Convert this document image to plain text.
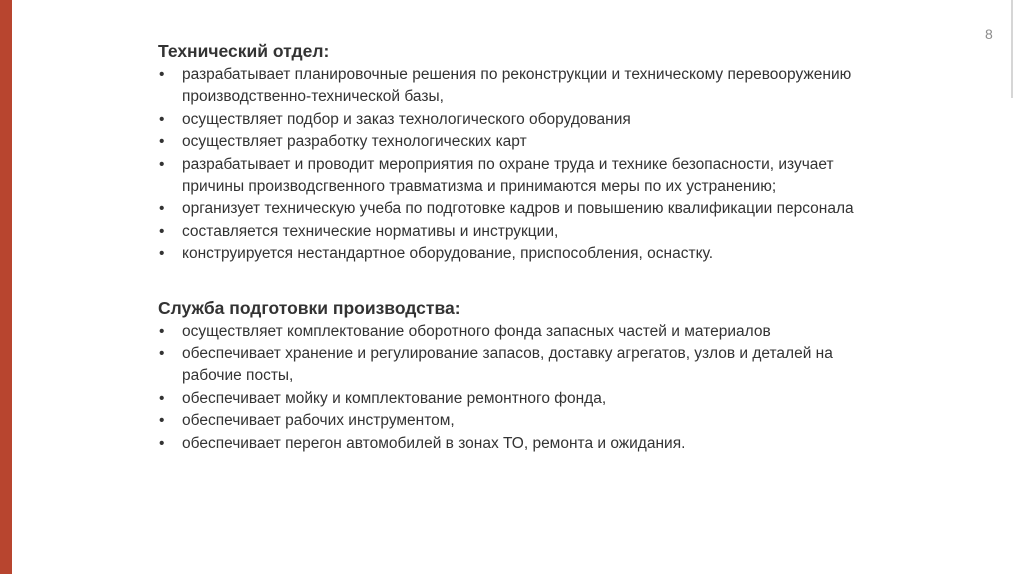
8
Технический отдел:
• разрабатывает планировочные решения по реконструкции и техническому перевооружению производственно-технической базы,
• осуществляет подбор и заказ технологического оборудования
• осуществляет разработку технологических карт
• разрабатывает и проводит мероприятия по охране труда и технике безопасности, изучает причины производсгвенного травматизма и принимаются меры по их устранению;
• организует техническую учеба по подготовке кадров и повышению квалификации персонала
• составляется технические нормативы и инструкции,
• конструируется нестандартное оборудование, приспособления, оснастку.
Служба подготовки производства:
• осуществляет комплектование оборотного фонда запасных частей и материалов
• обеспечивает хранение и регулирование запасов, доставку агрегатов, узлов и деталей на рабочие посты,
• обеспечивает мойку и комплектование ремонтного фонда,
• обеспечивает рабочих инструментом,
• обеспечивает перегон автомобилей в зонах ТО, ремонта и ожидания.
